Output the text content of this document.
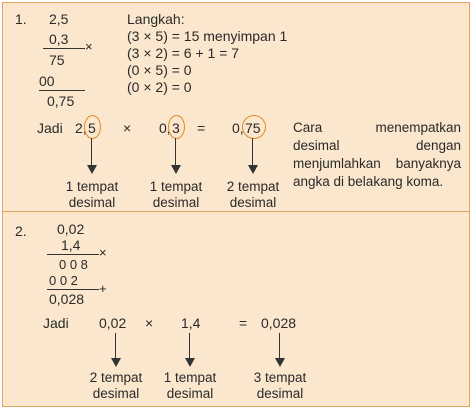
1. 2,5
0,3 ×
75
00
0,75
Langkah:
(3 × 5) = 15 menyimpan 1
(3 × 2) = 6 + 1 = 7
(0 × 5) = 0
(0 × 2) = 0
Jadi 2, 5 × 0, 3 = 0, 75 Cara menempatkan desimal dengan menjumlahkan banyaknya angka di belakang koma.
1 tempat
desimal
1 tempat
desimal
2 tempat
desimal
2. 0,02
1,4 ×
0 0 8
0 0 2
+
0,028
Jadi 0,02 × 1,4	= 0,028
2 tempat
desimal
1 tempat
desimal
3 tempat
desimal
